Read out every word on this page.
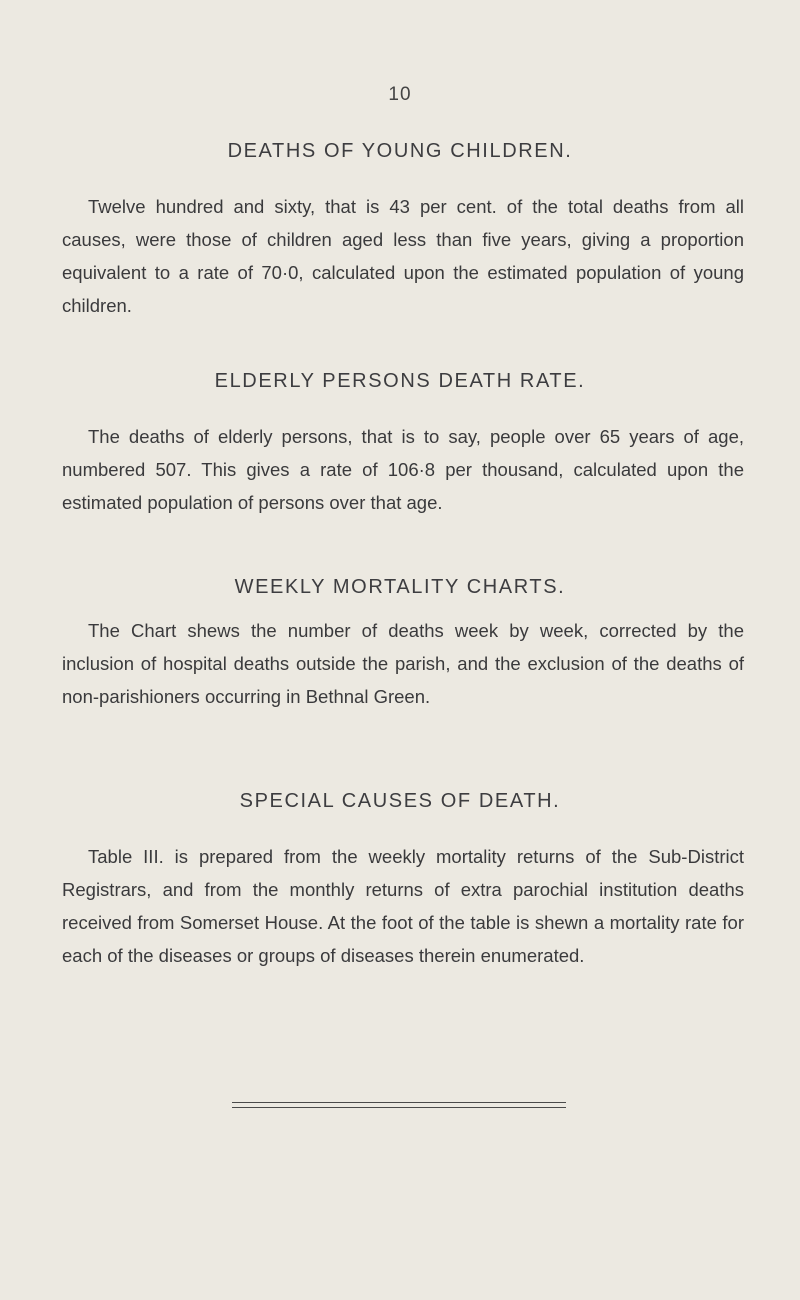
10
DEATHS OF YOUNG CHILDREN.

Twelve hundred and sixty, that is 43 per cent. of the total deaths from all causes, were those of children aged less than five years, giving a proportion equivalent to a rate of 70·0, calculated upon the estimated population of young children.

ELDERLY PERSONS DEATH RATE.

The deaths of elderly persons, that is to say, people over 65 years of age, numbered 507. This gives a rate of 106·8 per thousand, calculated upon the estimated population of persons over that age.

WEEKLY MORTALITY CHARTS.

The Chart shews the number of deaths week by week, corrected by the inclusion of hospital deaths outside the parish, and the exclusion of the deaths of non-parishioners occurring in Bethnal Green.

SPECIAL CAUSES OF DEATH.

Table III. is prepared from the weekly mortality returns of the Sub-District Registrars, and from the monthly returns of extra parochial institution deaths received from Somerset House. At the foot of the table is shewn a mortality rate for each of the diseases or groups of diseases therein enumerated.
